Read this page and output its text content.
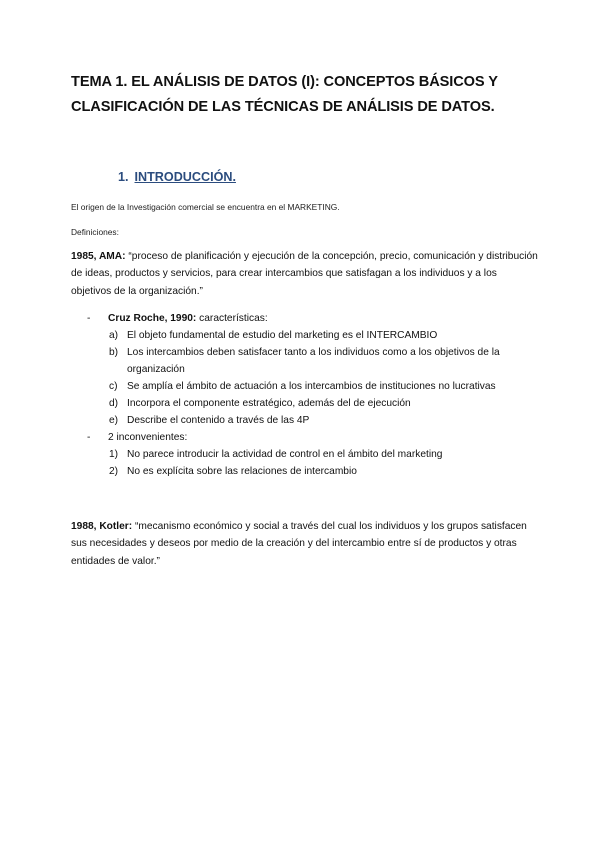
TEMA 1. EL ANÁLISIS DE DATOS (I): CONCEPTOS BÁSICOS Y CLASIFICACIÓN DE LAS TÉCNICAS DE ANÁLISIS DE DATOS.
1. INTRODUCCIÓN.
El origen de la Investigación comercial se encuentra en el MARKETING.
Definiciones:
1985, AMA: “proceso de planificación y ejecución de la concepción, precio, comunicación y distribución de ideas, productos y servicios, para crear intercambios que satisfagan a los individuos y a los objetivos de la organización.”
- Cruz Roche, 1990: características:
a) El objeto fundamental de estudio del marketing es el INTERCAMBIO
b) Los intercambios deben satisfacer tanto a los individuos como a los objetivos de la organización
c) Se amplía el ámbito de actuación a los intercambios de instituciones no lucrativas
d) Incorpora el componente estratégico, además del de ejecución
e) Describe el contenido a través de las 4P
- 2 inconvenientes:
1) No parece introducir la actividad de control en el ámbito del marketing
2) No es explícita sobre las relaciones de intercambio
1988, Kotler: “mecanismo económico y social a través del cual los individuos y los grupos satisfacen sus necesidades y deseos por medio de la creación y del intercambio entre sí de productos y otras entidades de valor.”
